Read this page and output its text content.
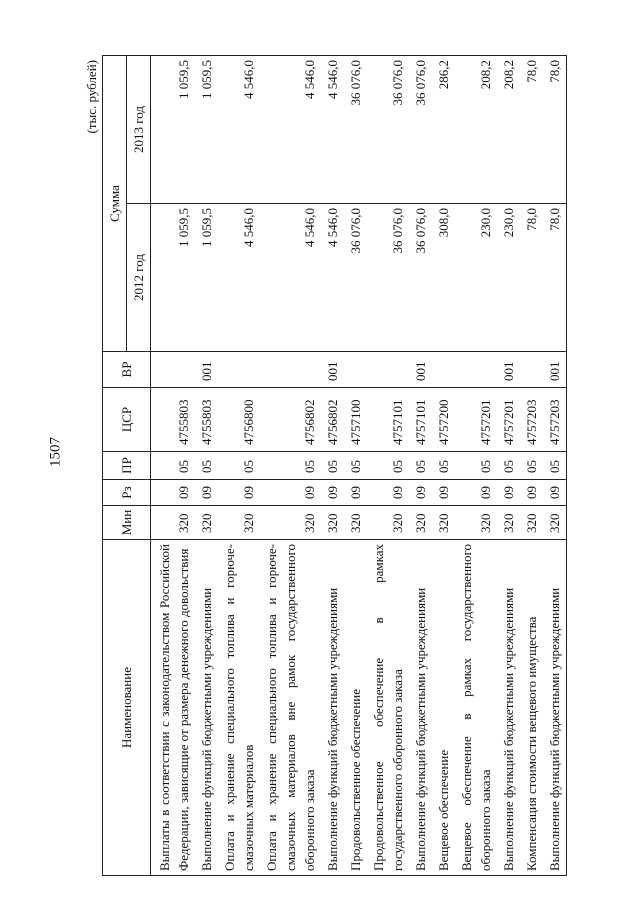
1507
(тыс. рублей)
Наименование	Мин	Рз	ПР	ЦСР	ВР	Сумма	
						2012 год	2013 год
Выплаты в соответствии с законодательством Российской Федерации, зависящие от размера денежного довольствия	320	09	05	4755803		1 059,5	1 059,5
Выполнение функций бюджетными учреждениями	320	09	05	4755803	001	1 059,5	1 059,5
Оплата и хранение специального топлива и горюче-смазочных материалов	320	09	05	4756800		4 546,0	4 546,0
Оплата и хранение специального топлива и горюче-смазочных материалов вне рамок государственного оборонного заказа	320	09	05	4756802		4 546,0	4 546,0
Выполнение функций бюджетными учреждениями	320	09	05	4756802	001	4 546,0	4 546,0
Продовольственное обеспечение	320	09	05	4757100		36 076,0	36 076,0
Продовольственное обеспечение в рамках государственного оборонного заказа	320	09	05	4757101		36 076,0	36 076,0
Выполнение функций бюджетными учреждениями	320	09	05	4757101	001	36 076,0	36 076,0
Вещевое обеспечение	320	09	05	4757200		308,0	286,2
Вещевое обеспечение в рамках государственного оборонного заказа	320	09	05	4757201		230,0	208,2
Выполнение функций бюджетными учреждениями	320	09	05	4757201	001	230,0	208,2
Компенсация стоимости вещевого имущества	320	09	05	4757203		78,0	78,0
Выполнение функций бюджетными учреждениями	320	09	05	4757203	001	78,0	78,0
